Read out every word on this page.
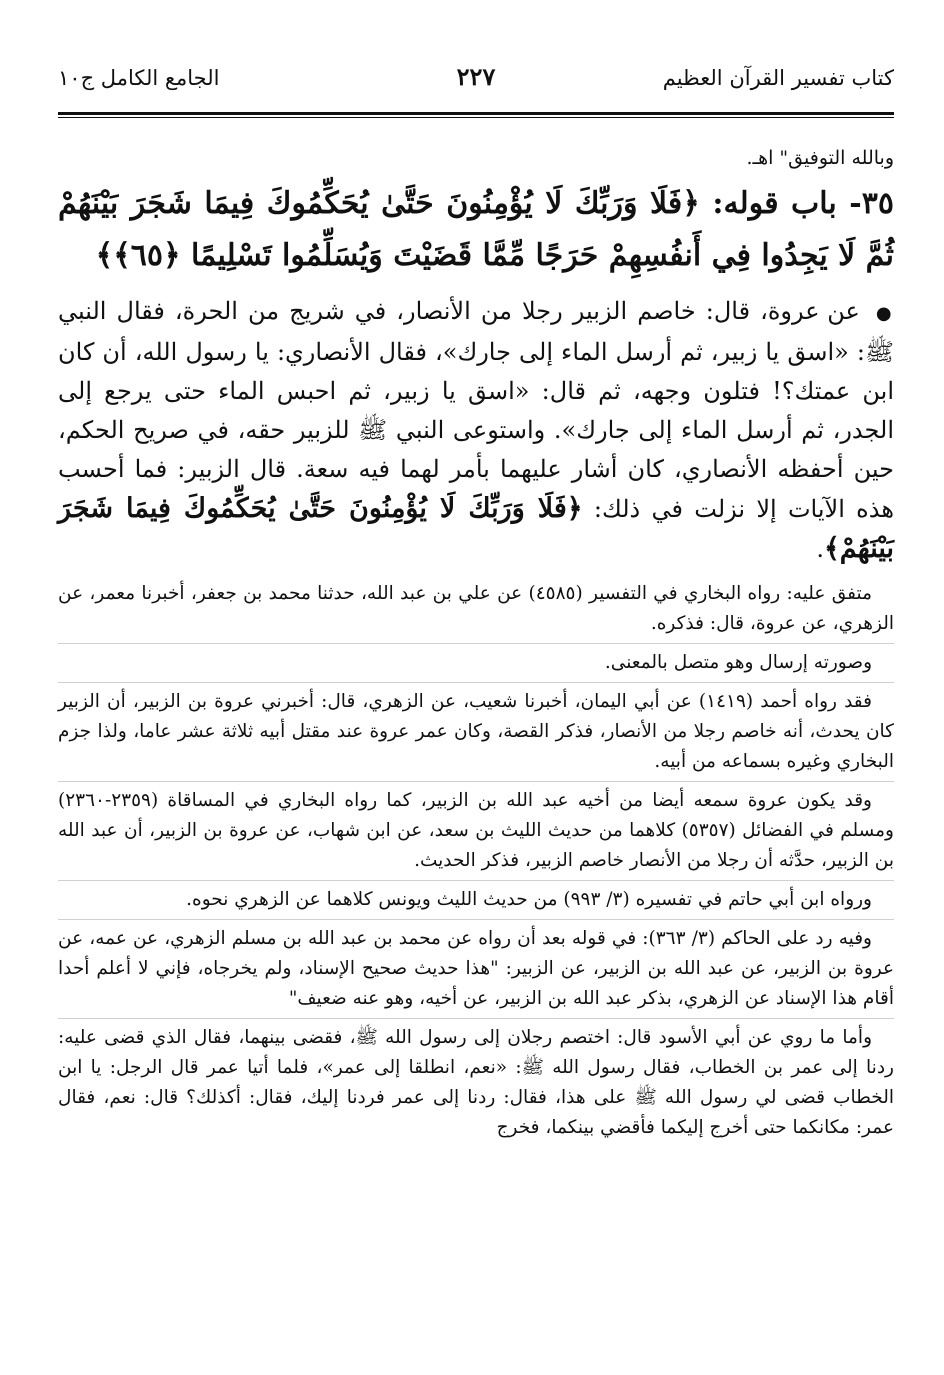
كتاب تفسير القرآن العظيم
٢٢٧
الجامع الكامل ج١٠
وبالله التوفيق" اهـ.
٣٥- باب قوله: ﴿فَلَا وَرَبِّكَ لَا يُؤْمِنُونَ حَتَّىٰ يُحَكِّمُوكَ فِيمَا شَجَرَ بَيْنَهُمْ ثُمَّ لَا يَجِدُوا فِي أَنفُسِهِمْ حَرَجًا مِّمَّا قَضَيْتَ وَيُسَلِّمُوا تَسْلِيمًا ﴿٦٥﴾﴾
● عن عروة، قال: خاصم الزبير رجلا من الأنصار، في شريج من الحرة، فقال النبي ﷺ: «اسق يا زبير، ثم أرسل الماء إلى جارك»، فقال الأنصاري: يا رسول الله، أن كان ابن عمتك؟! فتلون وجهه، ثم قال: «اسق يا زبير، ثم احبس الماء حتى يرجع إلى الجدر، ثم أرسل الماء إلى جارك». واستوعى النبي ﷺ للزبير حقه، في صريح الحكم، حين أحفظه الأنصاري، كان أشار عليهما بأمر لهما فيه سعة. قال الزبير: فما أحسب هذه الآيات إلا نزلت في ذلك: ﴿فَلَا وَرَبِّكَ لَا يُؤْمِنُونَ حَتَّىٰ يُحَكِّمُوكَ فِيمَا شَجَرَ بَيْنَهُمْ﴾.

متفق عليه: رواه البخاري في التفسير (٤٥٨٥) عن علي بن عبد الله، حدثنا محمد بن جعفر، أخبرنا معمر، عن الزهري، عن عروة، قال: فذكره.

وصورته إرسال وهو متصل بالمعنى.

فقد رواه أحمد (١٤١٩) عن أبي اليمان، أخبرنا شعيب، عن الزهري، قال: أخبرني عروة بن الزبير، أن الزبير كان يحدث، أنه خاصم رجلا من الأنصار، فذكر القصة، وكان عمر عروة عند مقتل أبيه ثلاثة عشر عاما، ولذا جزم البخاري وغيره بسماعه من أبيه.

وقد يكون عروة سمعه أيضا من أخيه عبد الله بن الزبير، كما رواه البخاري في المساقاة (٢٣٥٩-٢٣٦٠) ومسلم في الفضائل (٥٣٥٧) كلاهما من حديث الليث بن سعد، عن ابن شهاب، عن عروة بن الزبير، أن عبد الله بن الزبير، حدَّثه أن رجلا من الأنصار خاصم الزبير، فذكر الحديث.

ورواه ابن أبي حاتم في تفسيره (٣/ ٩٩٣) من حديث الليث ويونس كلاهما عن الزهري نحوه.

وفيه رد على الحاكم (٣/ ٣٦٣): في قوله بعد أن رواه عن محمد بن عبد الله بن مسلم الزهري، عن عمه، عن عروة بن الزبير، عن عبد الله بن الزبير، عن الزبير: "هذا حديث صحيح الإسناد، ولم يخرجاه، فإني لا أعلم أحدا أقام هذا الإسناد عن الزهري، بذكر عبد الله بن الزبير، عن أخيه، وهو عنه ضعيف"

وأما ما روي عن أبي الأسود قال: اختصم رجلان إلى رسول الله ﷺ، فقضى بينهما، فقال الذي قضى عليه: ردنا إلى عمر بن الخطاب، فقال رسول الله ﷺ: «نعم، انطلقا إلى عمر»، فلما أتيا عمر قال الرجل: يا ابن الخطاب قضى لي رسول الله ﷺ على هذا، فقال: ردنا إلى عمر فردنا إليك، فقال: أكذلك؟ قال: نعم، فقال عمر: مكانكما حتى أخرج إليكما فأقضي بينكما، فخرج
